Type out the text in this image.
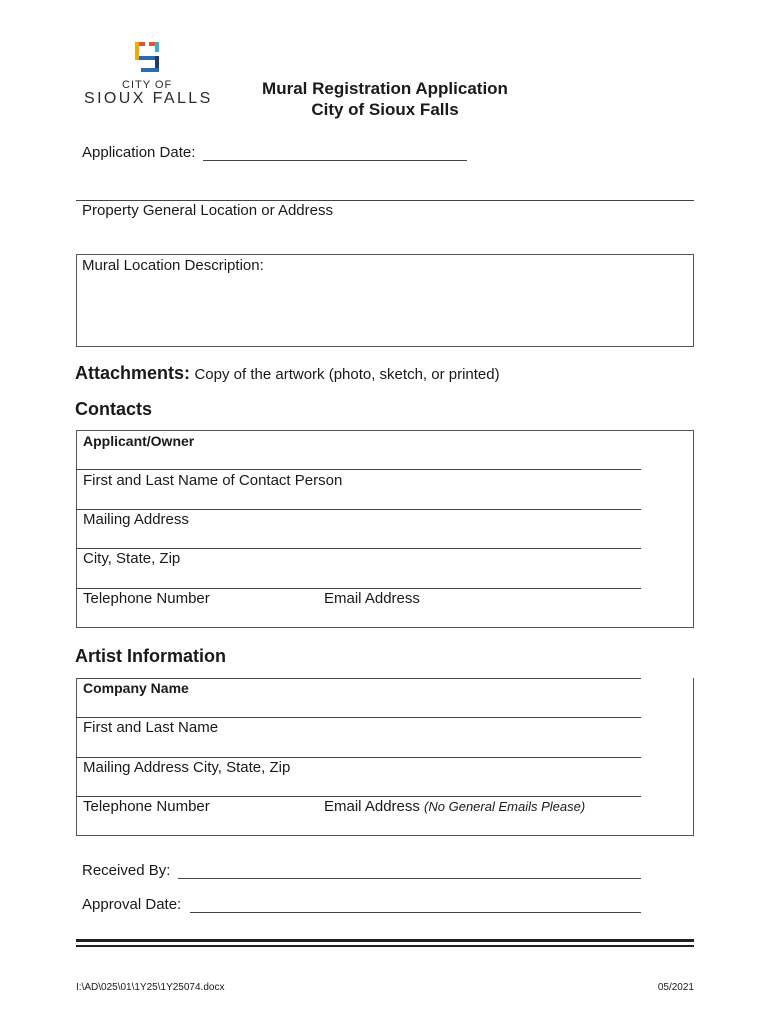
CITY OF
SIOUX FALLS
Mural Registration Application
City of Sioux Falls
Application Date:
Property General Location or Address
Mural Location Description:
Attachments: Copy of the artwork (photo, sketch, or printed)
Contacts
Applicant/Owner
First and Last Name of Contact Person
Mailing Address
City, State, Zip
Telephone Number	Email Address
Artist Information
Company Name
First and Last Name
Mailing Address City, State, Zip
Telephone Number	Email Address (No General Emails Please)
Received By:
Approval Date:
I:\AD\025\01\1Y25\1Y25074.docx	05/2021
